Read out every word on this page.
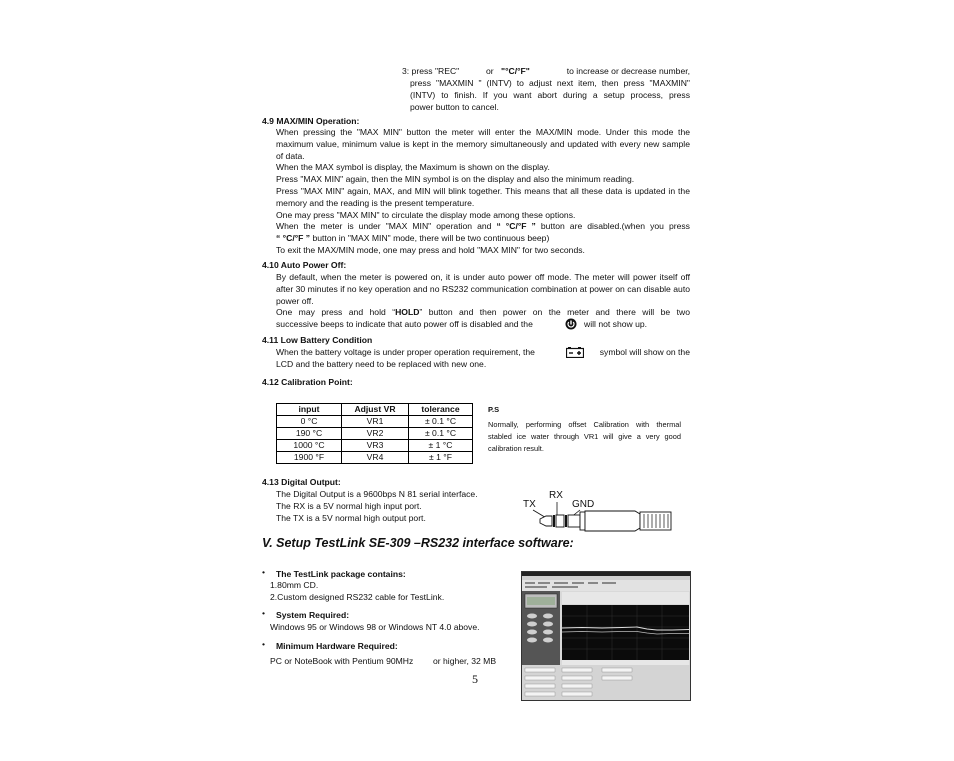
3: press "REC"	or "°C/°F"	to increase or decrease number,

press "MAXMIN " (INTV) to adjust next item, then press "MAXMIN"

(INTV) to finish. If you want abort during a setup process, press

power button to cancel.

4.9 MAX/MIN Operation:

When pressing the "MAX MIN" button the meter will enter the MAX/MIN mode. Under this mode the maximum value, minimum value is kept in the memory simultaneously and updated with every new sample of data.

When the MAX symbol is display, the Maximum is shown on the display.

Press "MAX MIN" again, then the MIN symbol is on the display and also the minimum reading.

Press "MAX MIN" again, MAX, and MIN will blink together. This means that all these data is updated in the memory and the reading is the present temperature.

One may press "MAX MIN" to circulate the display mode among these options.

When the meter is under "MAX MIN" operation and “ °C/°F ” button are disabled.(when you press

“ °C/°F ” button in "MAX MIN" mode, there will be two continuous beep)

To exit the MAX/MIN mode, one may press and hold "MAX MIN" for two seconds.

4.10 Auto Power Off:

By default, when the meter is powered on, it is under auto power off mode. The meter will power itself off after 30 minutes if no key operation and no RS232 communication combination at power on can disable auto power off.

One may press and hold “HOLD” button and then power on the meter and there will be two

successive beeps to indicate that auto power off is disabled and the	will not show up.

4.11 Low Battery Condition

When the battery voltage is under proper operation requirement, the	symbol will show on the

LCD and the battery need to be replaced with new one.

4.12 Calibration Point:
input	Adjust VR	tolerance
0 °C	VR1	± 0.1 °C
190 °C	VR2	± 0.1 °C
1000 °C	VR3	± 1 °C
1900 °F	VR4	± 1 °F
P.S
Normally, performing offset Calibration with thermal stabled ice water through VR1 will give a very good calibration result.
4.13 Digital Output:

The Digital Output is a 9600bps N 81 serial interface.

The RX is a 5V normal high input port.

The TX is a 5V normal high output port.

RX
TX	GND
V. Setup TestLink SE-309 –RS232 interface software:
• The TestLink package contains:
1.80mm CD.
2.Custom designed RS232 cable for TestLink.
• System Required:
Windows 95 or Windows 98 or Windows NT 4.0 above.
• Minimum Hardware Required:
PC or NoteBook with Pentium 90MHz or higher, 32 MB
5
